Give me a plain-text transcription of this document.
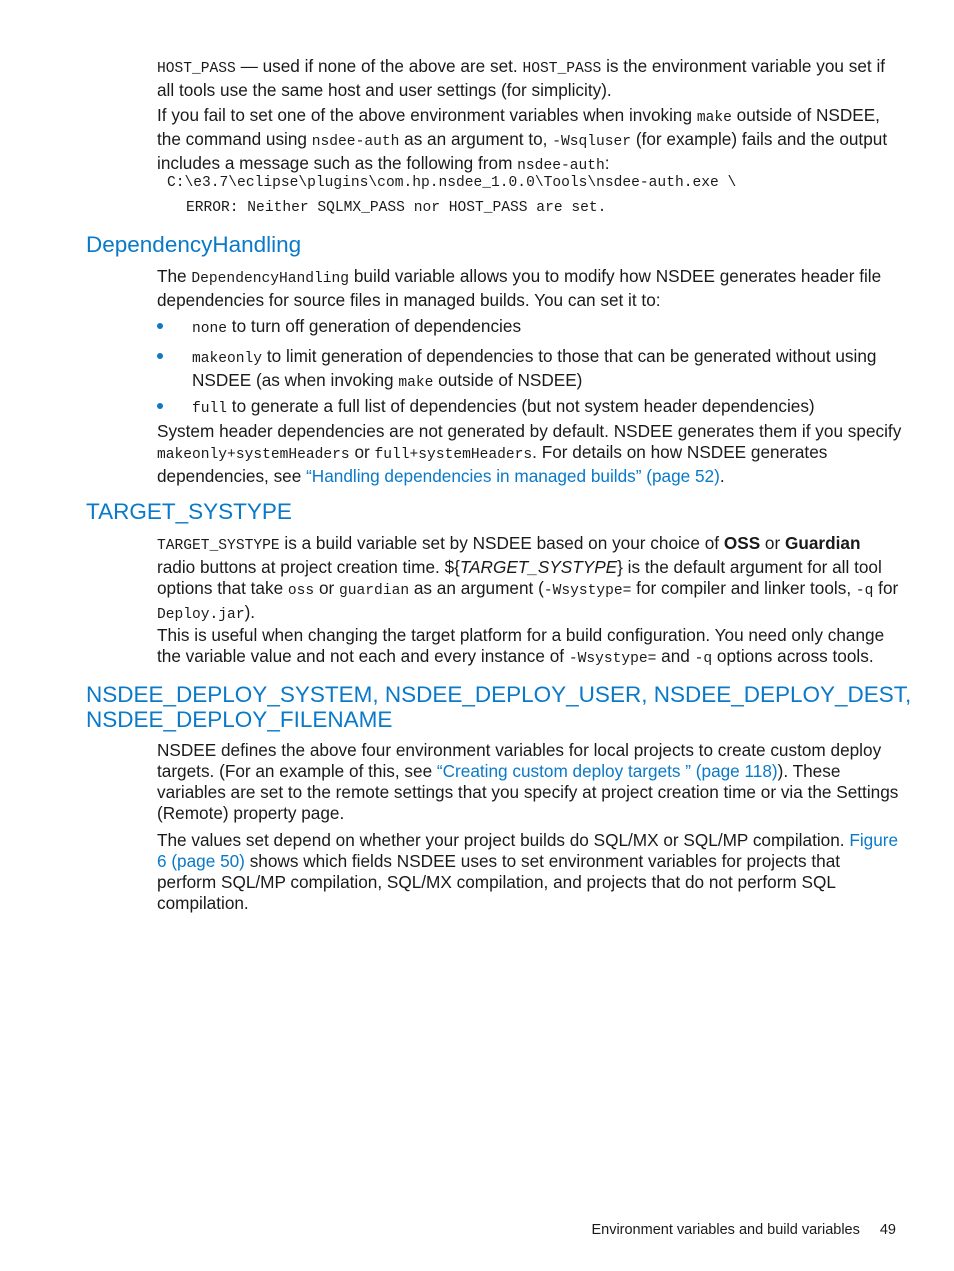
HOST_PASS — used if none of the above are set. HOST_PASS is the environment variable you set if all tools use the same host and user settings (for simplicity).

If you fail to set one of the above environment variables when invoking make outside of NSDEE, the command using nsdee-auth as an argument to, -Wsqluser (for example) fails and the output includes a message such as the following from nsdee-auth:

C:\e3.7\eclipse\plugins\com.hp.nsdee_1.0.0\Tools\nsdee-auth.exe \
ERROR: Neither SQLMX_PASS nor HOST_PASS are set.
DependencyHandling

The DependencyHandling build variable allows you to modify how NSDEE generates header file dependencies for source files in managed builds. You can set it to:

none to turn off generation of dependencies
makeonly to limit generation of dependencies to those that can be generated without using NSDEE (as when invoking make outside of NSDEE)
full to generate a full list of dependencies (but not system header dependencies)

System header dependencies are not generated by default. NSDEE generates them if you specify makeonly+systemHeaders or full+systemHeaders. For details on how NSDEE generates dependencies, see “Handling dependencies in managed builds” (page 52).

TARGET_SYSTYPE

TARGET_SYSTYPE is a build variable set by NSDEE based on your choice of OSS or Guardian radio buttons at project creation time. ${TARGET_SYSTYPE} is the default argument for all tool options that take oss or guardian as an argument (-Wsystype= for compiler and linker tools, -q for Deploy.jar).

This is useful when changing the target platform for a build configuration. You need only change the variable value and not each and every instance of -Wsystype= and -q options across tools.

NSDEE_DEPLOY_SYSTEM, NSDEE_DEPLOY_USER, NSDEE_DEPLOY_DEST,
NSDEE_DEPLOY_FILENAME

NSDEE defines the above four environment variables for local projects to create custom deploy targets. (For an example of this, see “Creating custom deploy targets ” (page 118)). These variables are set to the remote settings that you specify at project creation time or via the Settings (Remote) property page.

The values set depend on whether your project builds do SQL/MX or SQL/MP compilation. Figure 6 (page 50) shows which fields NSDEE uses to set environment variables for projects that perform SQL/MP compilation, SQL/MX compilation, and projects that do not perform SQL compilation.

Environment variables and build variables 49
